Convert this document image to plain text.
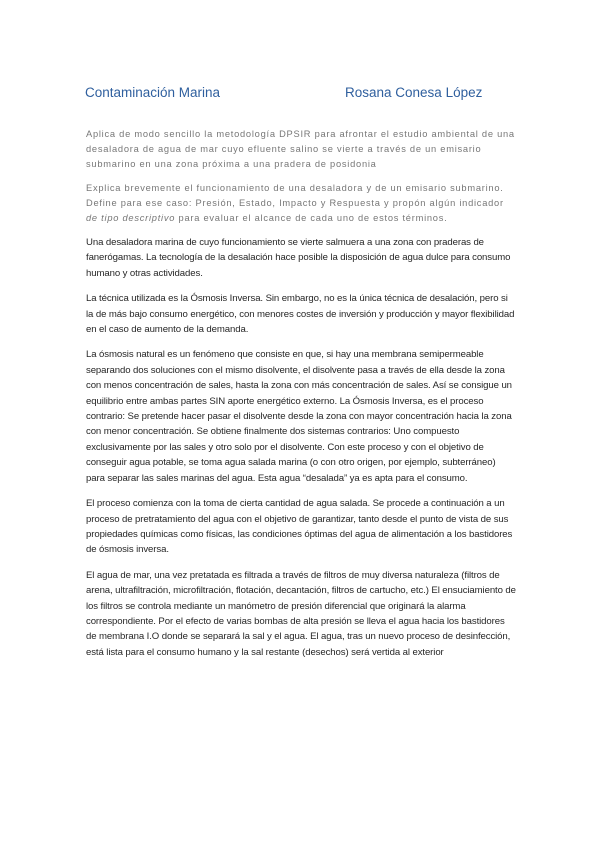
Contaminación Marina	Rosana Conesa López

Aplica de modo sencillo la metodología DPSIR para afrontar el estudio ambiental de una desaladora de agua de mar cuyo efluente salino se vierte a través de un emisario submarino en una zona próxima a una pradera de posidonia

Explica brevemente el funcionamiento de una desaladora y de un emisario submarino. Define para ese caso: Presión, Estado, Impacto y Respuesta y propón algún indicador de tipo descriptivo para evaluar el alcance de cada uno de estos términos.

Una desaladora marina de cuyo funcionamiento se vierte salmuera a una zona con praderas de fanerógamas. La tecnología de la desalación hace posible la disposición de agua dulce para consumo humano y otras actividades.

La técnica utilizada es la Ósmosis Inversa. Sin embargo, no es la única técnica de desalación, pero si la de más bajo consumo energético, con menores costes de inversión y producción y mayor flexibilidad en el caso de aumento de la demanda.

La ósmosis natural es un fenómeno que consiste en que, si hay una membrana semipermeable separando dos soluciones con el mismo disolvente, el disolvente pasa a través de ella desde la zona con menos concentración de sales, hasta la zona con más concentración de sales. Así se consigue un equilibrio entre ambas partes SIN aporte energético externo. La Ósmosis Inversa, es el proceso contrario: Se pretende hacer pasar el disolvente desde la zona con mayor concentración hacia la zona con menor concentración. Se obtiene finalmente dos sistemas contrarios: Uno compuesto exclusivamente por las sales y otro solo por el disolvente. Con este proceso y con el objetivo de conseguir agua potable, se toma agua salada marina (o con otro origen, por ejemplo, subterráneo) para separar las sales marinas del agua. Esta agua “desalada” ya es apta para el consumo.

El proceso comienza con la toma de cierta cantidad de agua salada. Se procede a continuación a un proceso de pretratamiento del agua con el objetivo de garantizar, tanto desde el punto de vista de sus propiedades químicas como físicas, las condiciones óptimas del agua de alimentación a los bastidores de ósmosis inversa.

El agua de mar, una vez pretatada es filtrada a través de filtros de muy diversa naturaleza (filtros de arena, ultrafiltración, microfiltración, flotación, decantación, filtros de cartucho, etc.) El ensuciamiento de los filtros se controla mediante un manómetro de presión diferencial que originará la alarma correspondiente. Por el efecto de varias bombas de alta presión se lleva el agua hacia los bastidores de membrana I.O donde se separará la sal y el agua. El agua, tras un nuevo proceso de desinfección, está lista para el consumo humano y la sal restante (desechos) será vertida al exterior
